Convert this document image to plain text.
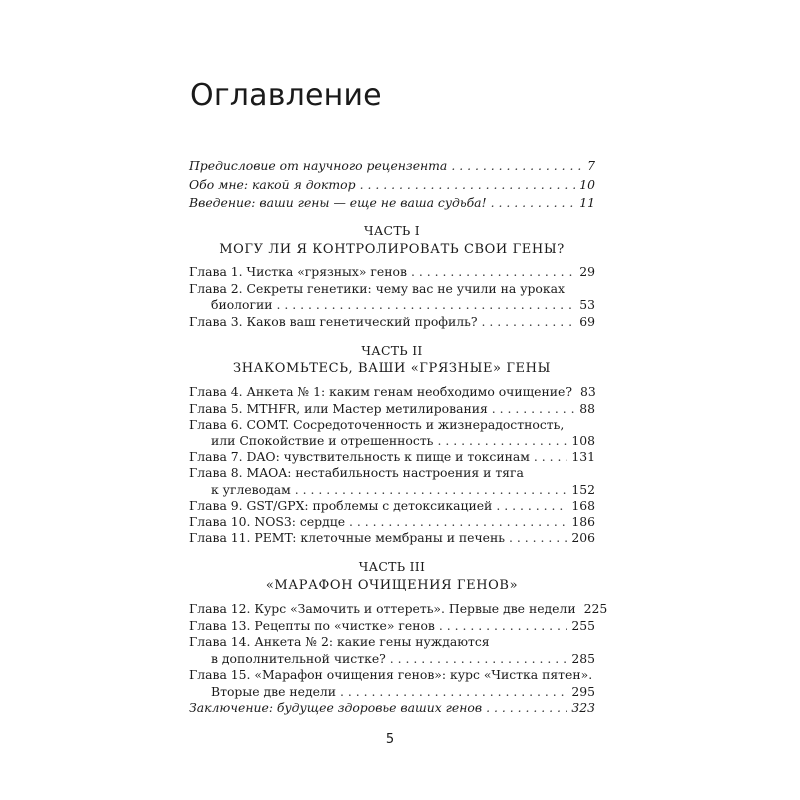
Оглавление
Предисловие от научного рецензента . . .	7
Обо мне: какой я доктор . . .	10
Введение: ваши гены — еще не ваша судьба! . . .	11
ЧАСТЬ I
МОГУ ЛИ Я КОНТРОЛИРОВАТЬ СВОИ ГЕНЫ?
Глава 1. Чистка «грязных» генов . . .	29
Глава 2. Секреты генетики: чему вас не учили на уроках
биологии . . .	53
Глава 3. Каков ваш генетический профиль? . . .	69
ЧАСТЬ II
ЗНАКОМЬТЕСЬ, ВАШИ «ГРЯЗНЫЕ» ГЕНЫ
Глава 4. Анкета № 1: каким генам необходимо очищение? 83
Глава 5. MTHFR, или Мастер метилирования . . .	88
Глава 6. COMT. Сосредоточенность и жизнерадостность,
или Спокойствие и отрешенность . . .	108
Глава 7. DAO: чувствительность к пище и токсинам . . .	131
Глава 8. MAOA: нестабильность настроения и тяга
к углеводам . . .	152
Глава 9. GST/GPX: проблемы с детоксикацией . . .	168
Глава 10. NOS3: сердце . . .	186
Глава 11. PEMT: клеточные мембраны и печень . . .	206
ЧАСТЬ III
«МАРАФОН ОЧИЩЕНИЯ ГЕНОВ»
Глава 12. Курс «Замочить и оттереть». Первые две недели 225
Глава 13. Рецепты по «чистке» генов . . .	255
Глава 14. Анкета № 2: какие гены нуждаются
в дополнительной чистке? . . .	285
Глава 15. «Марафон очищения генов»: курс «Чистка пятен».
Вторые две недели . . .	295
Заключение: будущее здоровье ваших генов . . .	323
5
